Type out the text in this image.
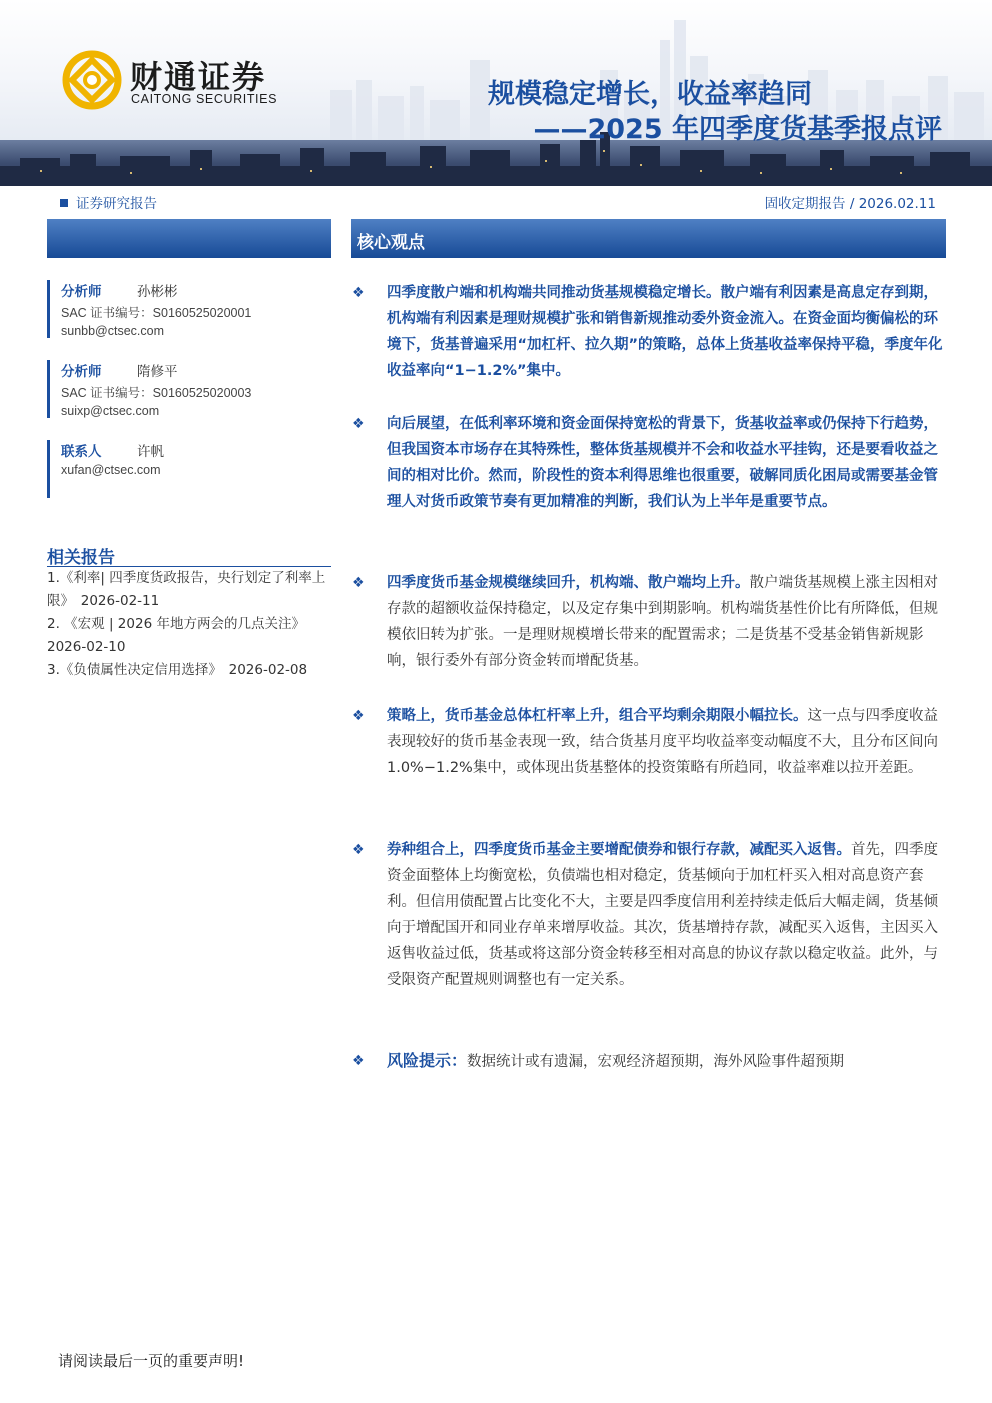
财通证券
CAITONG SECURITIES	规模稳定增长，收益率趋同
——2025 年四季度货基季报点评
证券研究报告	固收定期报告 / 2026.02.11
核心观点
分析师	孙彬彬
SAC 证书编号：S0160525020001
sunbb@ctsec.com
分析师	隋修平
SAC 证书编号：S0160525020003
suixp@ctsec.com
联系人	许帆
xufan@ctsec.com
相关报告
1.《利率| 四季度货政报告，央行划定了利率上限》　2026-02-11
2. 《宏观 | 2026 年地方两会的几点关注》　2026-02-10
3.《负债属性决定信用选择》　2026-02-08
❖ 四季度散户端和机构端共同推动货基规模稳定增长。散户端有利因素是高息定存到期，机构端有利因素是理财规模扩张和销售新规推动委外资金流入。在资金面均衡偏松的环境下，货基普遍采用“加杠杆、拉久期”的策略，总体上货基收益率保持平稳，季度年化收益率向“1−1.2%”集中。
❖ 向后展望，在低利率环境和资金面保持宽松的背景下，货基收益率或仍保持下行趋势，但我国资本市场存在其特殊性，整体货基规模并不会和收益水平挂钩，还是要看收益之间的相对比价。然而，阶段性的资本利得思维也很重要，破解同质化困局或需要基金管理人对货币政策节奏有更加精准的判断，我们认为上半年是重要节点。
❖ 四季度货币基金规模继续回升，机构端、散户端均上升。散户端货基规模上涨主因相对存款的超额收益保持稳定，以及定存集中到期影响。机构端货基性价比有所降低，但规模依旧转为扩张。一是理财规模增长带来的配置需求；二是货基不受基金销售新规影响，银行委外有部分资金转而增配货基。
❖ 策略上，货币基金总体杠杆率上升，组合平均剩余期限小幅拉长。这一点与四季度收益表现较好的货币基金表现一致，结合货基月度平均收益率变动幅度不大，且分布区间向 1.0%−1.2%集中，或体现出货基整体的投资策略有所趋同，收益率难以拉开差距。
❖ 券种组合上，四季度货币基金主要增配债券和银行存款，减配买入返售。首先，四季度资金面整体上均衡宽松，负债端也相对稳定，货基倾向于加杠杆买入相对高息资产套利。但信用债配置占比变化不大，主要是四季度信用利差持续走低后大幅走阔，货基倾向于增配国开和同业存单来增厚收益。其次，货基增持存款，减配买入返售，主因买入返售收益过低，货基或将这部分资金转移至相对高息的协议存款以稳定收益。此外，与受限资产配置规则调整也有一定关系。
❖ 风险提示：数据统计或有遗漏，宏观经济超预期，海外风险事件超预期
请阅读最后一页的重要声明!
